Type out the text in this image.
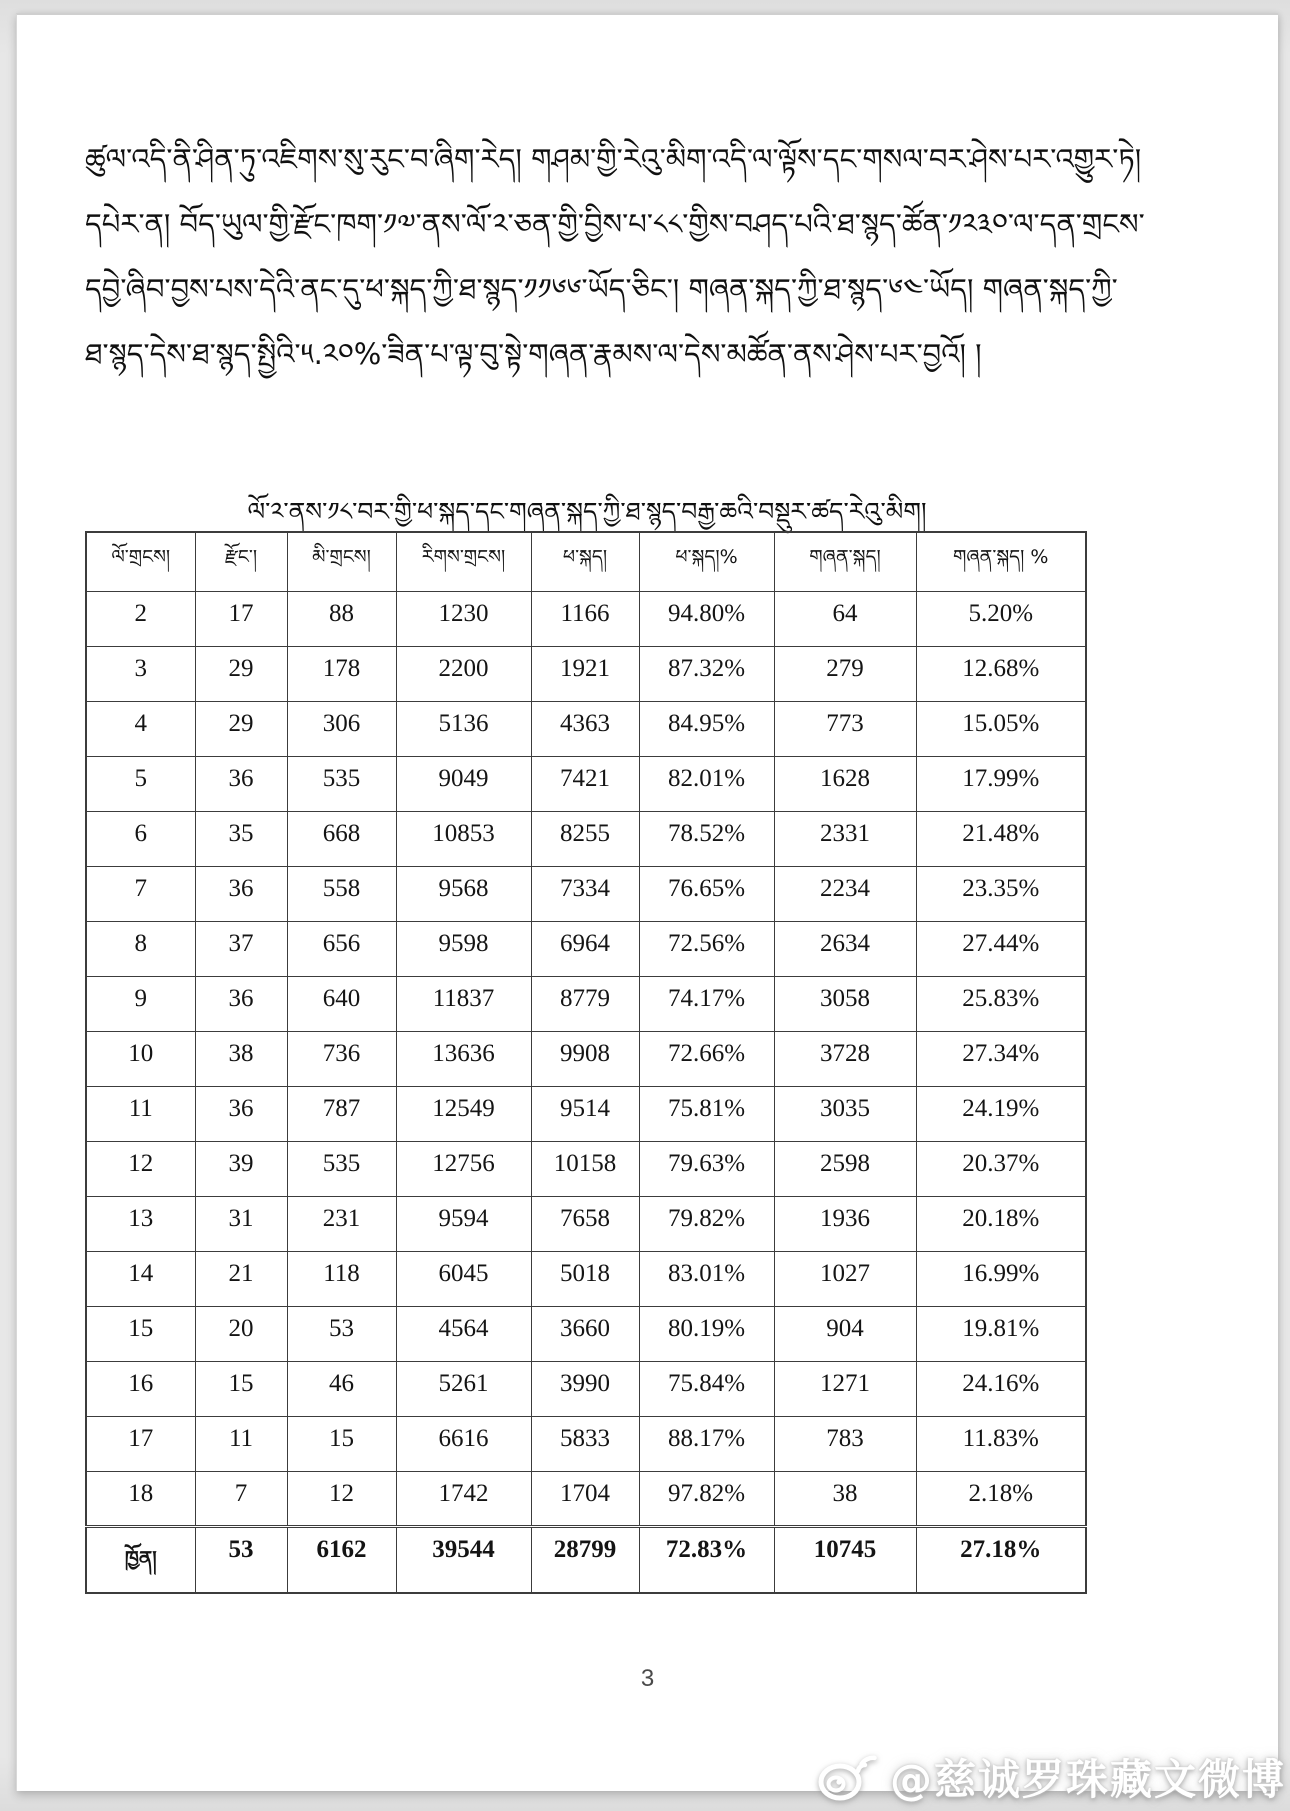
ཚུལ་འདི་ནི་ཤིན་ཏུ་འཇིགས་སུ་རུང་བ་ཞིག་རེད། གཤམ་གྱི་རེའུ་མིག་འདི་ལ་ལྟོས་དང་གསལ་བར་ཤེས་པར་འགྱུར་ཏེ།
དཔེར་ན། བོད་ཡུལ་གྱི་རྫོང་ཁག་༡༧་ནས་ལོ་༢་ཅན་གྱི་བྱིས་པ་༨༨་གྱིས་བཤད་པའི་ཐ་སྙད་ཚོན་༡༢༣༠་ལ་དན་གྲངས་
དབྱེ་ཞིབ་བྱས་པས་དེའི་ནང་དུ་ཕ་སྐད་ཀྱི་ཐ་སྙད་༡༡༦༦་ཡོད་ཅིང་། གཞན་སྐད་ཀྱི་ཐ་སྙད་༦༤་ཡོད། གཞན་སྐད་ཀྱི་
ཐ་སྙད་དེས་ཐ་སྙད་སྤྱིའི་༥.༢༠%་ཟིན་པ་ལྟ་བུ་སྟེ་གཞན་རྣམས་ལ་དེས་མཚོན་ནས་ཤེས་པར་བྱའོ། །
ལོ་༢་ནས་༡༨་བར་གྱི་ཕ་སྐད་དང་གཞན་སྐད་ཀྱི་ཐ་སྙད་བརྒྱ་ཆའི་བསྡུར་ཚད་རེའུ་མིག།
ལོ་གྲངས།	རྫོང་།	མི་གྲངས།	རིགས་གྲངས།	ཕ་སྐད།	ཕ་སྐད།%	གཞན་སྐད།	གཞན་སྐད། %
2	17	88	1230	1166	94.80%	64	5.20%
3	29	178	2200	1921	87.32%	279	12.68%
4	29	306	5136	4363	84.95%	773	15.05%
5	36	535	9049	7421	82.01%	1628	17.99%
6	35	668	10853	8255	78.52%	2331	21.48%
7	36	558	9568	7334	76.65%	2234	23.35%
8	37	656	9598	6964	72.56%	2634	27.44%
9	36	640	11837	8779	74.17%	3058	25.83%
10	38	736	13636	9908	72.66%	3728	27.34%
11	36	787	12549	9514	75.81%	3035	24.19%
12	39	535	12756	10158	79.63%	2598	20.37%
13	31	231	9594	7658	79.82%	1936	20.18%
14	21	118	6045	5018	83.01%	1027	16.99%
15	20	53	4564	3660	80.19%	904	19.81%
16	15	46	5261	3990	75.84%	1271	24.16%
17	11	15	6616	5833	88.17%	783	11.83%
18	7	12	1742	1704	97.82%	38	2.18%
ཁྱོན།	53	6162	39544	28799	72.83%	10745	27.18%
3
@慈诚罗珠藏文微博
